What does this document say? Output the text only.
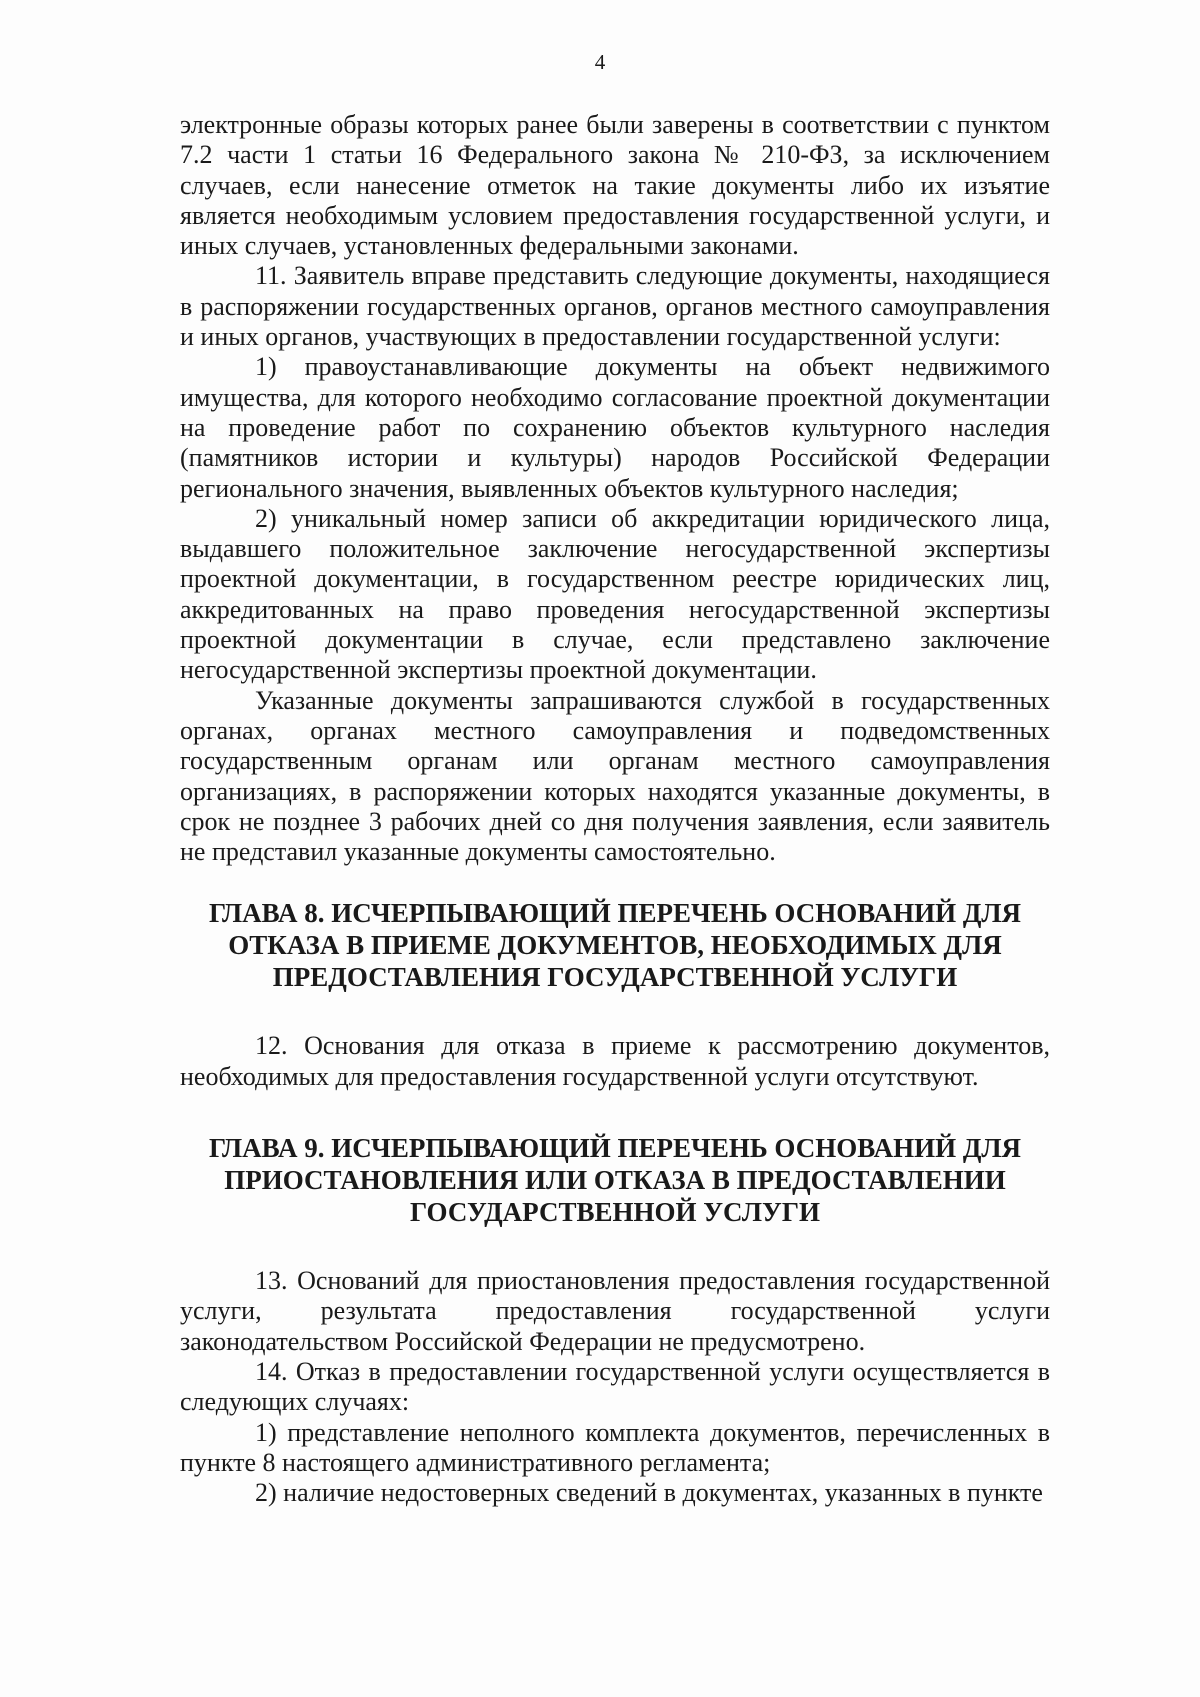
4

электронные образы которых ранее были заверены в соответствии с пунктом 7.2 части 1 статьи 16 Федерального закона № 210-ФЗ, за исключением случаев, если нанесение отметок на такие документы либо их изъятие является необходимым условием предоставления государственной услуги, и иных случаев, установленных федеральными законами.

11. Заявитель вправе представить следующие документы, находящиеся в распоряжении государственных органов, органов местного самоуправления и иных органов, участвующих в предоставлении государственной услуги:

1) правоустанавливающие документы на объект недвижимого имущества, для которого необходимо согласование проектной документации на проведение работ по сохранению объектов культурного наследия (памятников истории и культуры) народов Российской Федерации регионального значения, выявленных объектов культурного наследия;

2) уникальный номер записи об аккредитации юридического лица, выдавшего положительное заключение негосударственной экспертизы проектной документации, в государственном реестре юридических лиц, аккредитованных на право проведения негосударственной экспертизы проектной документации в случае, если представлено заключение негосударственной экспертизы проектной документации.

Указанные документы запрашиваются службой в государственных органах, органах местного самоуправления и подведомственных государственным органам или органам местного самоуправления организациях, в распоряжении которых находятся указанные документы, в срок не позднее 3 рабочих дней со дня получения заявления, если заявитель не представил указанные документы самостоятельно.

ГЛАВА 8. ИСЧЕРПЫВАЮЩИЙ ПЕРЕЧЕНЬ ОСНОВАНИЙ ДЛЯ ОТКАЗА В ПРИЕМЕ ДОКУМЕНТОВ, НЕОБХОДИМЫХ ДЛЯ ПРЕДОСТАВЛЕНИЯ ГОСУДАРСТВЕННОЙ УСЛУГИ

12. Основания для отказа в приеме к рассмотрению документов, необходимых для предоставления государственной услуги отсутствуют.

ГЛАВА 9. ИСЧЕРПЫВАЮЩИЙ ПЕРЕЧЕНЬ ОСНОВАНИЙ ДЛЯ ПРИОСТАНОВЛЕНИЯ ИЛИ ОТКАЗА В ПРЕДОСТАВЛЕНИИ ГОСУДАРСТВЕННОЙ УСЛУГИ

13. Оснований для приостановления предоставления государственной услуги, результата предоставления государственной услуги законодательством Российской Федерации не предусмотрено.

14. Отказ в предоставлении государственной услуги осуществляется в следующих случаях:

1) представление неполного комплекта документов, перечисленных в пункте 8 настоящего административного регламента;

2) наличие недостоверных сведений в документах, указанных в пункте
